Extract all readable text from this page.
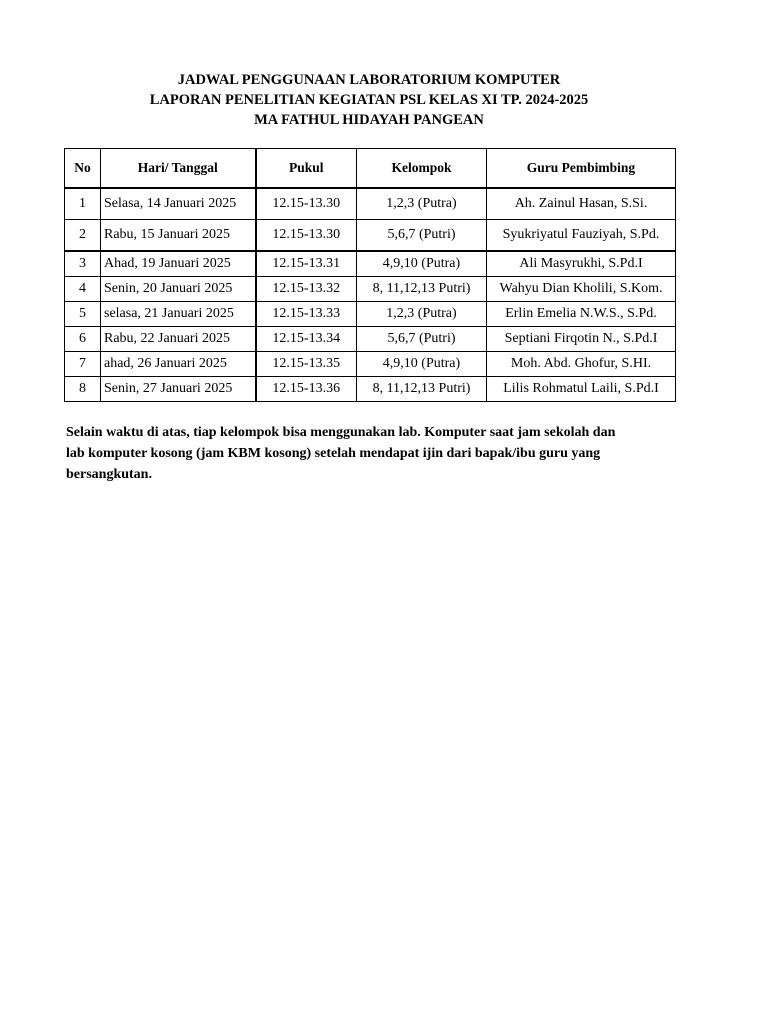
JADWAL PENGGUNAAN LABORATORIUM KOMPUTER
LAPORAN PENELITIAN KEGIATAN PSL KELAS XI TP. 2024-2025
MA FATHUL HIDAYAH PANGEAN
No	Hari/ Tanggal	Pukul	Kelompok	Guru Pembimbing
1	Selasa, 14 Januari 2025	12.15-13.30	1,2,3 (Putra)	Ah. Zainul Hasan, S.Si.
2	Rabu, 15 Januari 2025	12.15-13.30	5,6,7 (Putri)	Syukriyatul Fauziyah, S.Pd.
3	Ahad, 19 Januari 2025	12.15-13.31	4,9,10 (Putra)	Ali Masyrukhi, S.Pd.I
4	Senin, 20 Januari 2025	12.15-13.32	8, 11,12,13 Putri)	Wahyu Dian Kholili, S.Kom.
5	selasa, 21 Januari 2025	12.15-13.33	1,2,3 (Putra)	Erlin Emelia N.W.S., S.Pd.
6	Rabu, 22 Januari 2025	12.15-13.34	5,6,7 (Putri)	Septiani Firqotin N., S.Pd.I
7	ahad, 26 Januari 2025	12.15-13.35	4,9,10 (Putra)	Moh. Abd. Ghofur, S.HI.
8	Senin, 27 Januari 2025	12.15-13.36	8, 11,12,13 Putri)	Lilis Rohmatul Laili, S.Pd.I
Selain waktu di atas, tiap kelompok bisa menggunakan lab. Komputer saat jam sekolah dan
lab komputer kosong (jam KBM kosong) setelah mendapat ijin dari bapak/ibu guru yang
bersangkutan.
